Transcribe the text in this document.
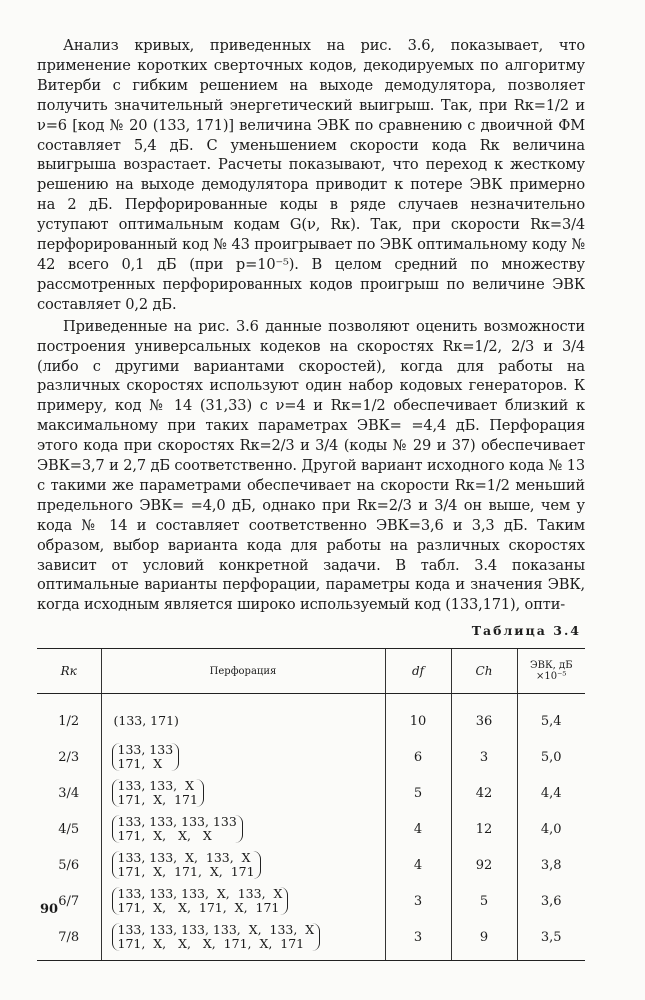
Анализ кривых, приведенных на рис. 3.6, показывает, что применение коротких сверточных кодов, декодируемых по алгоритму Витерби с гибким решением на выходе демодулятора, позволяет получить значительный энергетический выигрыш. Так, при Rк=1/2 и ν=6 [код № 20 (133, 171)] величина ЭВК по сравнению с двоичной ФМ составляет 5,4 дБ. С уменьшением скорости кода Rк величина выигрыша возрастает. Расчеты показывают, что переход к жесткому решению на выходе демодулятора приводит к потере ЭВК примерно на 2 дБ. Перфорированные коды в ряде случаев незначительно уступают оптимальным кодам G(ν, Rк). Так, при скорости Rк=3/4 перфорированный код № 43 проигрывает по ЭВК оптимальному коду № 42 всего 0,1 дБ (при p=10⁻⁵). В целом средний по множеству рассмотренных перфорированных кодов проигрыш по величине ЭВК составляет 0,2 дБ.

Приведенные на рис. 3.6 данные позволяют оценить возможности построения универсальных кодеков на скоростях Rк=1/2, 2/3 и 3/4 (либо с другими вариантами скоростей), когда для работы на различных скоростях используют один набор кодовых генераторов. К примеру, код № 14 (31,33) с ν=4 и Rк=1/2 обеспечивает близкий к максимальному при таких параметрах ЭВК= =4,4 дБ. Перфорация этого кода при скоростях Rк=2/3 и 3/4 (коды № 29 и 37) обеспечивает ЭВК=3,7 и 2,7 дБ соответственно. Другой вариант исходного кода № 13 с такими же параметрами обеспечивает на скорости Rк=1/2 меньший предельного ЭВК= =4,0 дБ, однако при Rк=2/3 и 3/4 он выше, чем у кода № 14 и составляет соответственно ЭВК=3,6 и 3,3 дБ. Таким образом, выбор варианта кода для работы на различных скоростях зависит от условий конкретной задачи. В табл. 3.4 показаны оптимальные варианты перфорации, параметры кода и значения ЭВК, когда исходным является широко используемый код (133,171), опти-

Таблица 3.4
Rк	Перфорация	df	Ch	ЭВК, дБ ×10⁻⁵
1/2	(133, 171)	10	36	5,4
2/3	133, 133
171,  X	6	3	5,0
3/4	133, 133,  X
171,  X,  171	5	42	4,4
4/5	133, 133, 133, 133
171,  X,   X,   X	4	12	4,0
5/6	133, 133,  X,  133,  X
171,  X,  171,  X,  171	4	92	3,8
6/7	133, 133, 133,  X,  133,  X
171,  X,   X,  171,  X,  171	3	5	3,6
7/8	133, 133, 133, 133,  X,  133,  X
171,  X,   X,   X,  171,  X,  171	3	9	3,5
90
